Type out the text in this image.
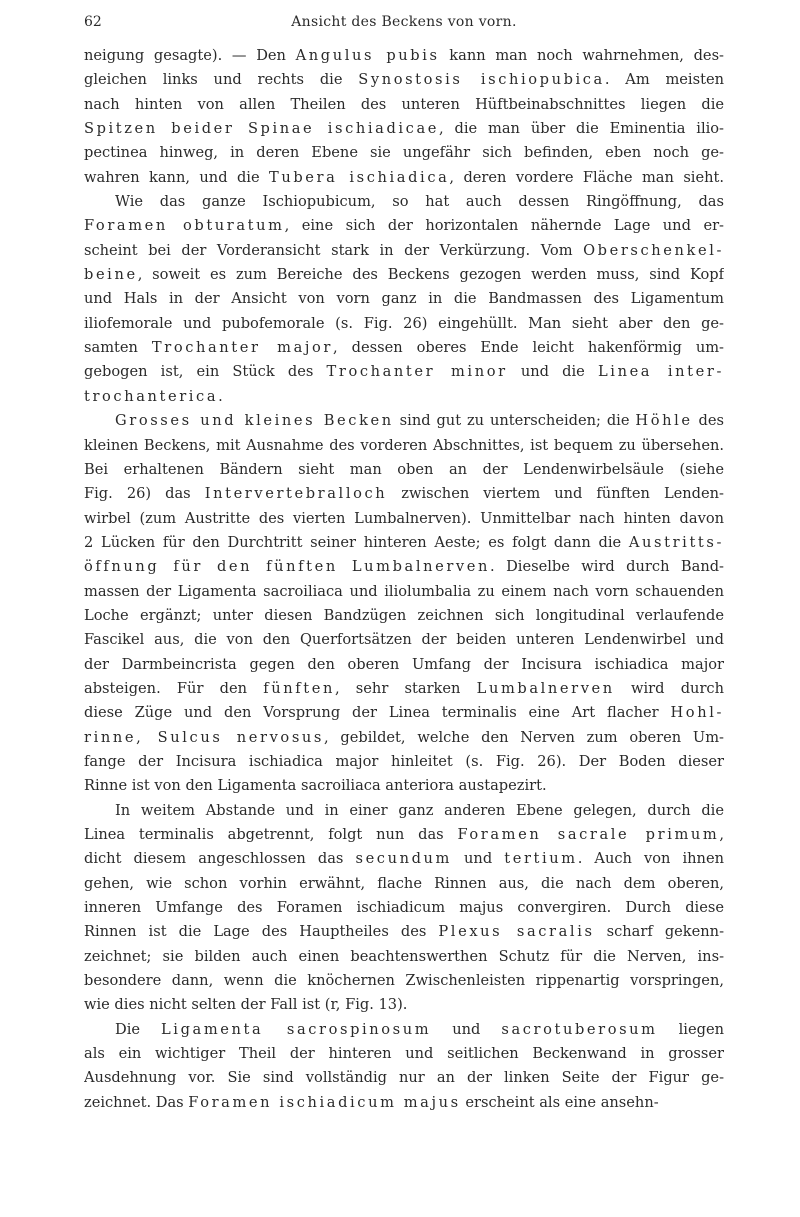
62	Ansicht des Beckens von vorn.
neigung gesagte). — Den Angulus pubis kann man noch wahrnehmen, des-
gleichen links und rechts die Synostosis ischiopubica. Am meisten
nach hinten von allen Theilen des unteren Hüftbeinabschnittes liegen die
Spitzen beider Spinae ischiadicae, die man über die Eminentia ilio-
pectinea hinweg, in deren Ebene sie ungefähr sich befinden, eben noch ge-
wahren kann, und die Tubera ischiadica, deren vordere Fläche man sieht.
Wie das ganze Ischiopubicum, so hat auch dessen Ringöffnung, das
Foramen obturatum, eine sich der horizontalen nähernde Lage und er-
scheint bei der Vorderansicht stark in der Verkürzung. Vom Oberschenkel-
beine, soweit es zum Bereiche des Beckens gezogen werden muss, sind Kopf
und Hals in der Ansicht von vorn ganz in die Bandmassen des Ligamentum
iliofemorale und pubofemorale (s. Fig. 26) eingehüllt. Man sieht aber den ge-
samten Trochanter major, dessen oberes Ende leicht hakenförmig um-
gebogen ist, ein Stück des Trochanter minor und die Linea inter-
trochanterica.
Grosses und kleines Becken sind gut zu unterscheiden; die Höhle des
kleinen Beckens, mit Ausnahme des vorderen Abschnittes, ist bequem zu übersehen.
Bei erhaltenen Bändern sieht man oben an der Lendenwirbelsäule (siehe
Fig. 26) das Intervertebralloch zwischen viertem und fünften Lenden-
wirbel (zum Austritte des vierten Lumbalnerven). Unmittelbar nach hinten davon
2 Lücken für den Durchtritt seiner hinteren Aeste; es folgt dann die Austritts-
öffnung für den fünften Lumbalnerven. Dieselbe wird durch Band-
massen der Ligamenta sacroiliaca und iliolumbalia zu einem nach vorn schauenden
Loche ergänzt; unter diesen Bandzügen zeichnen sich longitudinal verlaufende
Fascikel aus, die von den Querfortsätzen der beiden unteren Lendenwirbel und
der Darmbeincrista gegen den oberen Umfang der Incisura ischiadica major
absteigen. Für den fünften, sehr starken Lumbalnerven wird durch
diese Züge und den Vorsprung der Linea terminalis eine Art flacher Hohl-
rinne, Sulcus nervosus, gebildet, welche den Nerven zum oberen Um-
fange der Incisura ischiadica major hinleitet (s. Fig. 26). Der Boden dieser
Rinne ist von den Ligamenta sacroiliaca anteriora austapezirt.
In weitem Abstande und in einer ganz anderen Ebene gelegen, durch die
Linea terminalis abgetrennt, folgt nun das Foramen sacrale primum,
dicht diesem angeschlossen das secundum und tertium. Auch von ihnen
gehen, wie schon vorhin erwähnt, flache Rinnen aus, die nach dem oberen,
inneren Umfange des Foramen ischiadicum majus convergiren. Durch diese
Rinnen ist die Lage des Hauptheiles des Plexus sacralis scharf gekenn-
zeichnet; sie bilden auch einen beachtenswerthen Schutz für die Nerven, ins-
besondere dann, wenn die knöchernen Zwischenleisten rippenartig vorspringen,
wie dies nicht selten der Fall ist (r, Fig. 13).
Die Ligamenta sacrospinosum und sacrotuberosum liegen
als ein wichtiger Theil der hinteren und seitlichen Beckenwand in grosser
Ausdehnung vor. Sie sind vollständig nur an der linken Seite der Figur ge-
zeichnet. Das Foramen ischiadicum majus erscheint als eine ansehn-
